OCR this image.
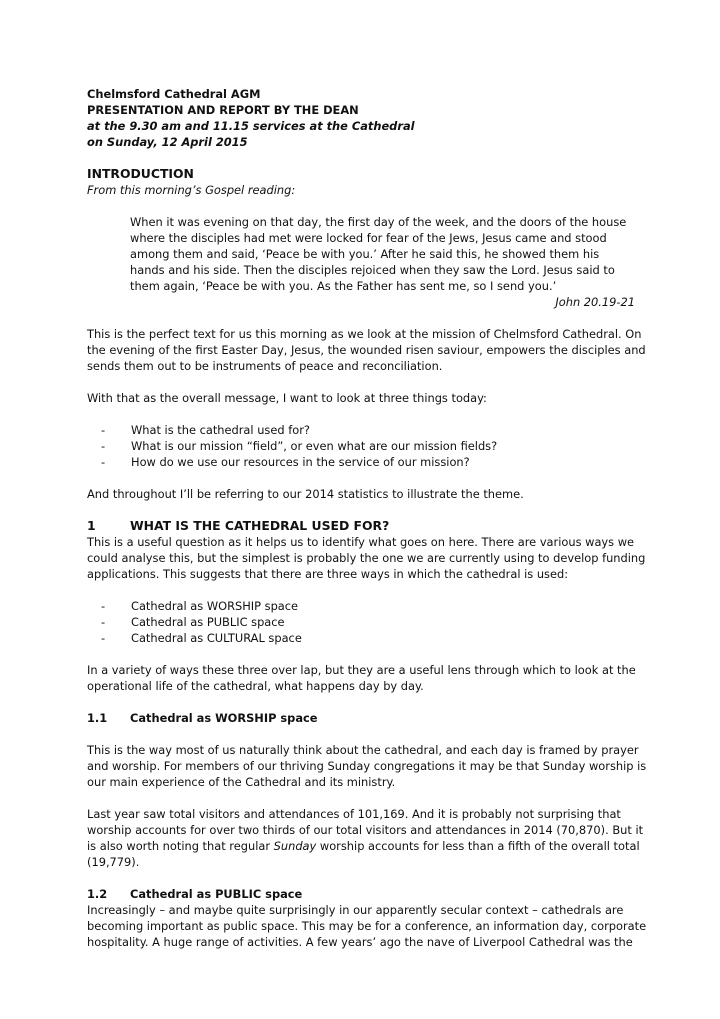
Chelmsford Cathedral AGM
PRESENTATION AND REPORT BY THE DEAN
at the 9.30 am and 11.15 services at the Cathedral
on Sunday, 12 April 2015
INTRODUCTION
From this morning’s Gospel reading:

When it was evening on that day, the first day of the week, and the doors of the house where the disciples had met were locked for fear of the Jews, Jesus came and stood among them and said, ‘Peace be with you.’ After he said this, he showed them his hands and his side. Then the disciples rejoiced when they saw the Lord. Jesus said to them again, ‘Peace be with you. As the Father has sent me, so I send you.’

John 20.19-21

This is the perfect text for us this morning as we look at the mission of Chelmsford Cathedral. On the evening of the first Easter Day, Jesus, the wounded risen saviour, empowers the disciples and sends them out to be instruments of peace and reconciliation.

With that as the overall message, I want to look at three things today:

- What is the cathedral used for?
- What is our mission “field”, or even what are our mission fields?
- How do we use our resources in the service of our mission?

And throughout I’ll be referring to our 2014 statistics to illustrate the theme.

1	WHAT IS THE CATHEDRAL USED FOR?

This is a useful question as it helps us to identify what goes on here. There are various ways we could analyse this, but the simplest is probably the one we are currently using to develop funding applications. This suggests that there are three ways in which the cathedral is used:

- Cathedral as WORSHIP space
- Cathedral as PUBLIC space
- Cathedral as CULTURAL space

In a variety of ways these three over lap, but they are a useful lens through which to look at the operational life of the cathedral, what happens day by day.

1.1	Cathedral as WORSHIP space

This is the way most of us naturally think about the cathedral, and each day is framed by prayer and worship. For members of our thriving Sunday congregations it may be that Sunday worship is our main experience of the Cathedral and its ministry.

Last year saw total visitors and attendances of 101,169. And it is probably not surprising that worship accounts for over two thirds of our total visitors and attendances in 2014 (70,870). But it is also worth noting that regular Sunday worship accounts for less than a fifth of the overall total (19,779).

1.2	Cathedral as PUBLIC space

Increasingly – and maybe quite surprisingly in our apparently secular context – cathedrals are becoming important as public space. This may be for a conference, an information day, corporate hospitality. A huge range of activities. A few years’ ago the nave of Liverpool Cathedral was the
